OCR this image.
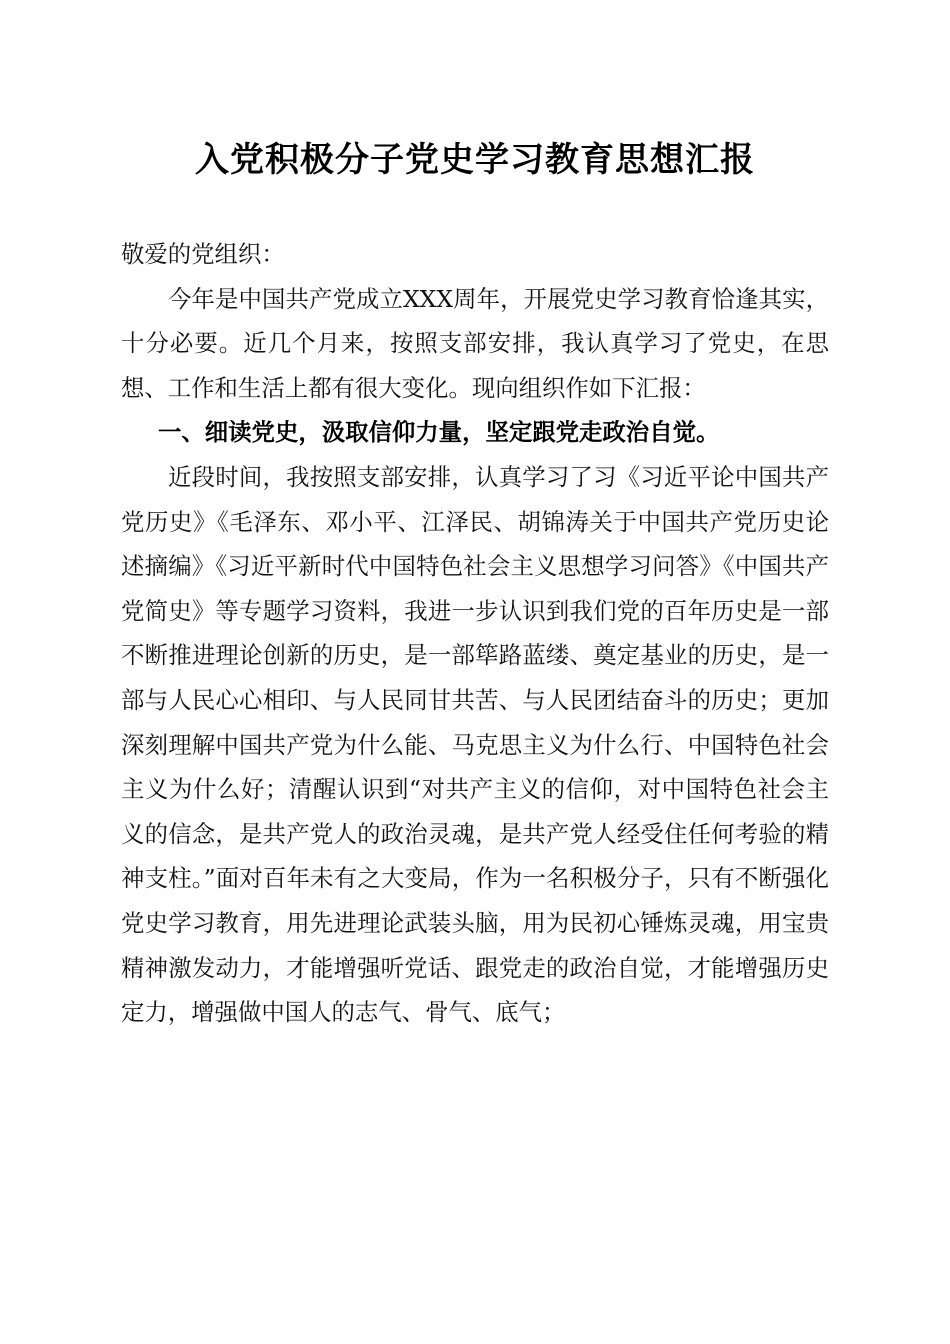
入党积极分子党史学习教育思想汇报

敬爱的党组织：

今年是中国共产党成立XXX周年，开展党史学习教育恰逢其实，十分必要。近几个月来，按照支部安排，我认真学习了党史，在思想、工作和生活上都有很大变化。现向组织作如下汇报：

一、细读党史，汲取信仰力量，坚定跟党走政治自觉。

近段时间，我按照支部安排，认真学习了习《习近平论中国共产党历史》《毛泽东、邓小平、江泽民、胡锦涛关于中国共产党历史论述摘编》《习近平新时代中国特色社会主义思想学习问答》《中国共产党简史》等专题学习资料，我进一步认识到我们党的百年历史是一部不断推进理论创新的历史，是一部筚路蓝缕、奠定基业的历史，是一部与人民心心相印、与人民同甘共苦、与人民团结奋斗的历史；更加深刻理解中国共产党为什么能、马克思主义为什么行、中国特色社会主义为什么好；清醒认识到“对共产主义的信仰，对中国特色社会主义的信念，是共产党人的政治灵魂，是共产党人经受住任何考验的精神支柱。”面对百年未有之大变局，作为一名积极分子，只有不断强化党史学习教育，用先进理论武装头脑，用为民初心锤炼灵魂，用宝贵精神激发动力，才能增强听党话、跟党走的政治自觉，才能增强历史定力，增强做中国人的志气、骨气、底气；
